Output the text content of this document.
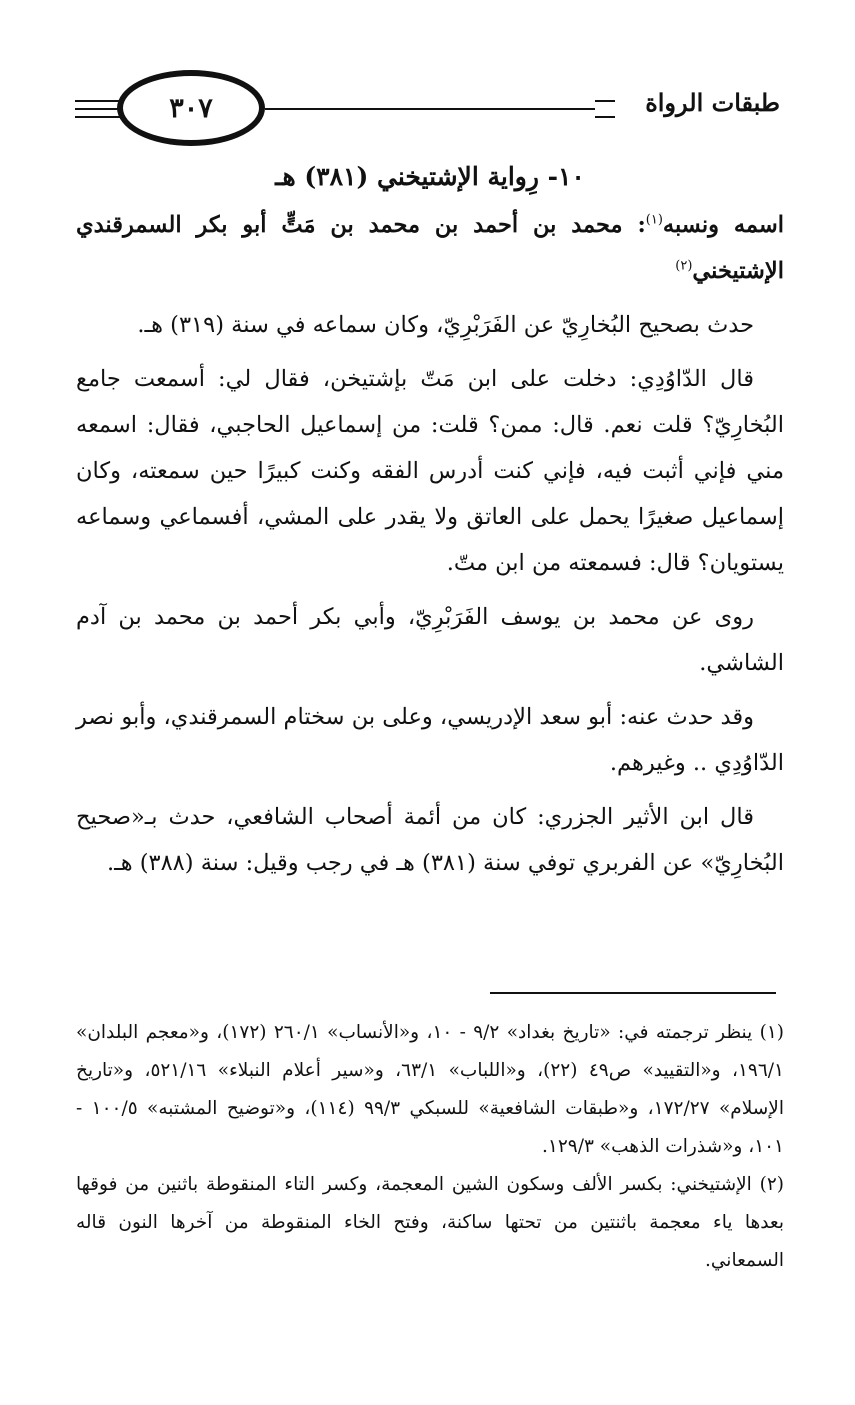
٣٠٧	طبقات الرواة

١٠- رِواية الإشتيخني (٣٨١) هـ

اسمه ونسبه$^{(١)}$: محمد بن أحمد بن محمد بن مَتٍّ أبو بكر السمرقندي الإشتيخني$^{(٢)}$

حدث بصحيح البُخارِيّ عن الفَرَبْرِيّ، وكان سماعه في سنة (٣١٩) هـ.

قال الدّاوُدِي: دخلت على ابن مَتّ بإشتيخن، فقال لي: أسمعت جامع البُخارِيّ؟ قلت نعم. قال: ممن؟ قلت: من إسماعيل الحاجبي، فقال: اسمعه مني فإني أثبت فيه، فإني كنت أدرس الفقه وكنت كبيرًا حين سمعته، وكان إسماعيل صغيرًا يحمل على العاتق ولا يقدر على المشي، أفسماعي وسماعه يستويان؟ قال: فسمعته من ابن متّ.

روى عن محمد بن يوسف الفَرَبْرِيّ، وأبي بكر أحمد بن محمد بن آدم الشاشي.

وقد حدث عنه: أبو سعد الإدريسي، وعلى بن سختام السمرقندي، وأبو نصر الدّاوُدِي .. وغيرهم.

قال ابن الأثير الجزري: كان من أئمة أصحاب الشافعي، حدث بـ«صحيح البُخارِيّ» عن الفربري توفي سنة (٣٨١) هـ في رجب وقيل: سنة (٣٨٨) هـ.

(١) ينظر ترجمته في: «تاريخ بغداد» ٩/٢ - ١٠، و«الأنساب» ٢٦٠/١ (١٧٢)، و«معجم البلدان» ١٩٦/١، و«التقييد» ص٤٩ (٢٢)، و«اللباب» ٦٣/١، و«سير أعلام النبلاء» ٥٢١/١٦، و«تاريخ الإسلام» ١٧٢/٢٧، و«طبقات الشافعية» للسبكي ٩٩/٣ (١١٤)، و«توضيح المشتبه» ١٠٠/٥ - ١٠١، و«شذرات الذهب» ١٢٩/٣.

(٢) الإشتيخني: بكسر الألف وسكون الشين المعجمة، وكسر التاء المنقوطة باثنين من فوقها بعدها ياء معجمة باثنتين من تحتها ساكنة، وفتح الخاء المنقوطة من آخرها النون قاله السمعاني.
